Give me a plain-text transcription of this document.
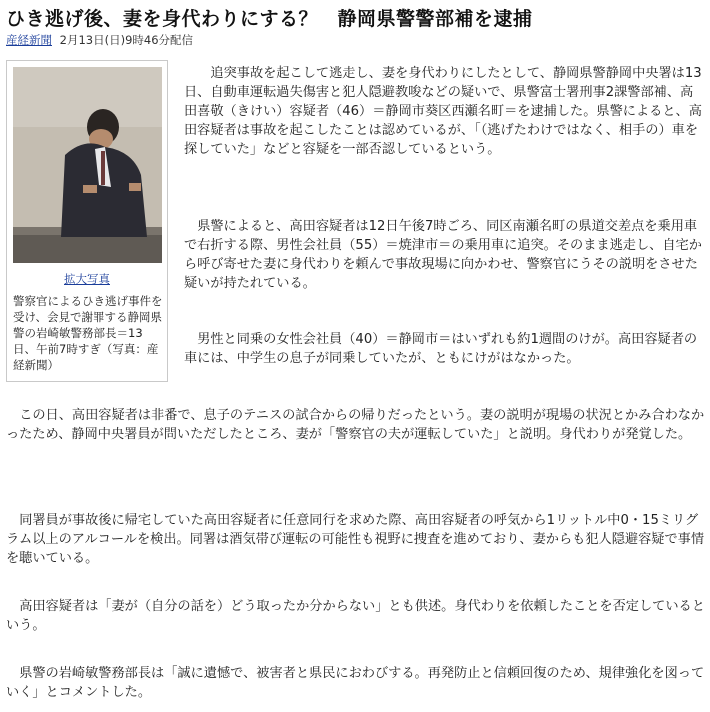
ひき逃げ後、妻を身代わりにする？　静岡県警警部補を逮捕
産経新聞 2月13日(日)9時46分配信
拡大写真
警察官によるひき逃げ事件を受け、会見で謝罪する静岡県警の岩崎敏警務部長＝13日、午前7時すぎ（写真：産経新聞）

追突事故を起こして逃走し、妻を身代わりにしたとして、静岡県警静岡中央署は13日、自動車運転過失傷害と犯人隠避教唆などの疑いで、県警富士署刑事2課警部補、高田喜敬（きけい）容疑者（46）＝静岡市葵区西瀬名町＝を逮捕した。県警によると、高田容疑者は事故を起こしたことは認めているが、「（逃げたわけではなく、相手の）車を探していた」などと容疑を一部否認しているという。

県警によると、高田容疑者は12日午後7時ごろ、同区南瀬名町の県道交差点を乗用車で右折する際、男性会社員（55）＝焼津市＝の乗用車に追突。そのまま逃走し、自宅から呼び寄せた妻に身代わりを頼んで事故現場に向かわせ、警察官にうその説明をさせた疑いが持たれている。

男性と同乗の女性会社員（40）＝静岡市＝はいずれも約1週間のけが。高田容疑者の車には、中学生の息子が同乗していたが、ともにけがはなかった。

この日、高田容疑者は非番で、息子のテニスの試合からの帰りだったという。妻の説明が現場の状況とかみ合わなかったため、静岡中央署員が問いただしたところ、妻が「警察官の夫が運転していた」と説明。身代わりが発覚した。

同署員が事故後に帰宅していた高田容疑者に任意同行を求めた際、高田容疑者の呼気から1リットル中0・15ミリグラム以上のアルコールを検出。同署は酒気帯び運転の可能性も視野に捜査を進めており、妻からも犯人隠避容疑で事情を聴いている。

高田容疑者は「妻が（自分の話を）どう取ったか分からない」とも供述。身代わりを依頼したことを否定しているという。

県警の岩崎敏警務部長は「誠に遺憾で、被害者と県民におわびする。再発防止と信頼回復のため、規律強化を図っていく」とコメントした。
